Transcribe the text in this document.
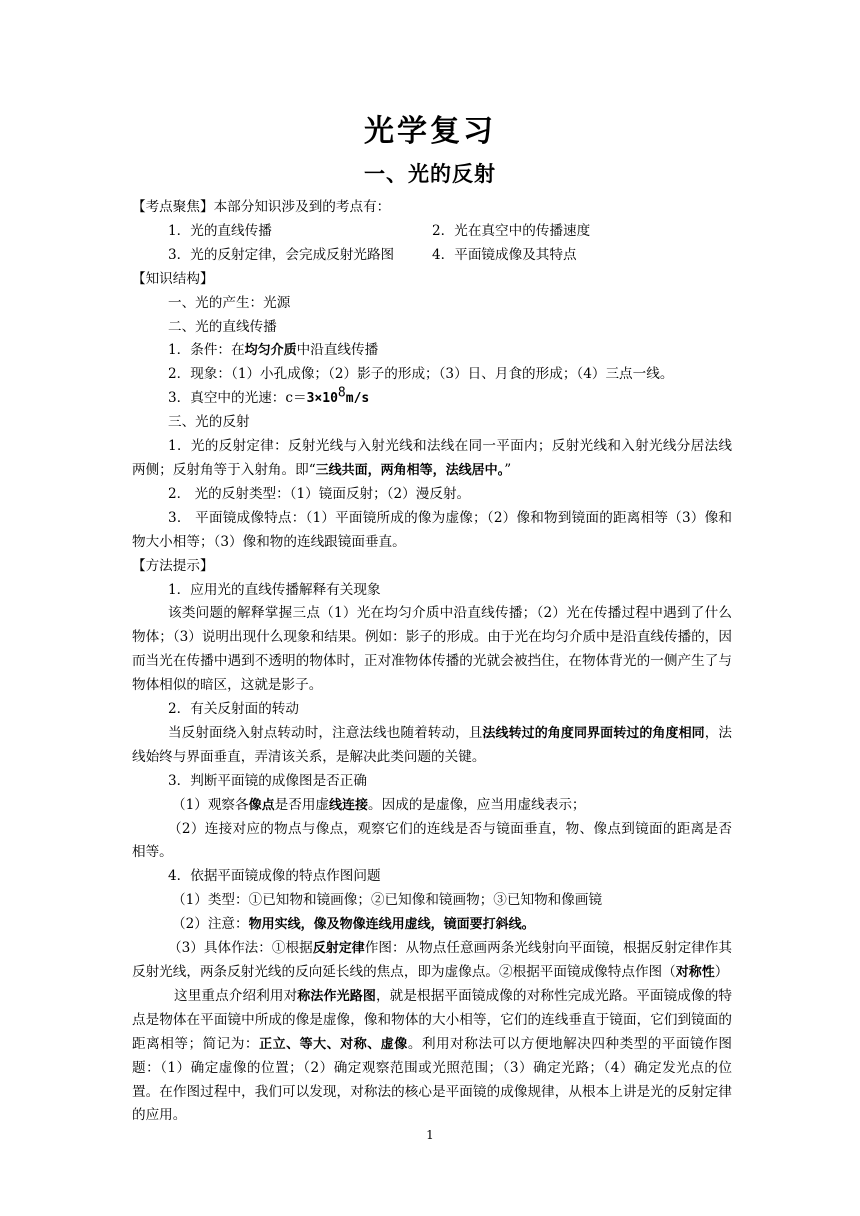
光学复习
一、光的反射

【考点聚焦】本部分知识涉及到的考点有：

1．光的直线传播	2．光在真空中的传播速度
3．光的反射定律，会完成反射光路图	4．平面镜成像及其特点

【知识结构】

一、光的产生：光源

二、光的直线传播

1．条件：在均匀介质中沿直线传播

2．现象：（1）小孔成像；（2）影子的形成；（3）日、月食的形成；（4）三点一线。

3．真空中的光速：$c=3\times 10^8m/s$

三、光的反射

1．光的反射定律：反射光线与入射光线和法线在同一平面内；反射光线和入射光线分居法线两侧；反射角等于入射角。即“三线共面，两角相等，法线居中。”

2． 光的反射类型：（1）镜面反射；（2）漫反射。

3． 平面镜成像特点：（1）平面镜所成的像为虚像；（2）像和物到镜面的距离相等（3）像和物大小相等；（3）像和物的连线跟镜面垂直。

【方法提示】

1．应用光的直线传播解释有关现象

该类问题的解释掌握三点（1）光在均匀介质中沿直线传播；（2）光在传播过程中遇到了什么物体；（3）说明出现什么现象和结果。例如：影子的形成。由于光在均匀介质中是沿直线传播的，因而当光在传播中遇到不透明的物体时，正对准物体传播的光就会被挡住，在物体背光的一侧产生了与物体相似的暗区，这就是影子。

2．有关反射面的转动

当反射面绕入射点转动时，注意法线也随着转动，且法线转过的角度同界面转过的角度相同，法线始终与界面垂直，弄清该关系，是解决此类问题的关键。

3．判断平面镜的成像图是否正确

（1）观察各像点是否用虚线连接。因成的是虚像，应当用虚线表示；

（2）连接对应的物点与像点，观察它们的连线是否与镜面垂直，物、像点到镜面的距离是否相等。

4．依据平面镜成像的特点作图问题

（1）类型：①已知物和镜画像；②已知像和镜画物；③已知物和像画镜

（2）注意：物用实线，像及物像连线用虚线，镜面要打斜线。

（3）具体作法：①根据反射定律作图：从物点任意画两条光线射向平面镜，根据反射定律作其反射光线，两条反射光线的反向延长线的焦点，即为虚像点。②根据平面镜成像特点作图（对称性）

这里重点介绍利用对称法作光路图，就是根据平面镜成像的对称性完成光路。平面镜成像的特点是物体在平面镜中所成的像是虚像，像和物体的大小相等，它们的连线垂直于镜面，它们到镜面的距离相等；简记为：正立、等大、对称、虚像。利用对称法可以方便地解决四种类型的平面镜作图题：（1）确定虚像的位置；（2）确定观察范围或光照范围；（3）确定光路；（4）确定发光点的位置。在作图过程中，我们可以发现，对称法的核心是平面镜的成像规律，从根本上讲是光的反射定律的应用。

1
